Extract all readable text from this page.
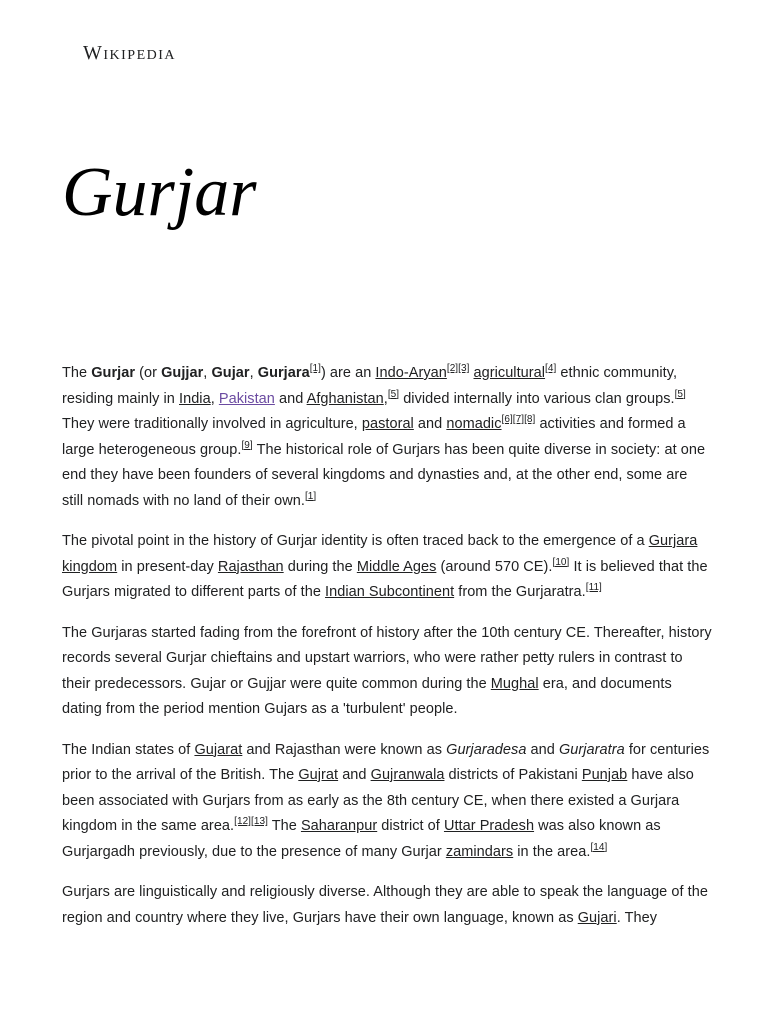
Wikipedia
Gurjar

The Gurjar (or Gujjar, Gujar, Gurjara[1]) are an Indo-Aryan[2][3] agricultural[4] ethnic community, residing mainly in India, Pakistan and Afghanistan,[5] divided internally into various clan groups.[5] They were traditionally involved in agriculture, pastoral and nomadic[6][7][8] activities and formed a large heterogeneous group.[9] The historical role of Gurjars has been quite diverse in society: at one end they have been founders of several kingdoms and dynasties and, at the other end, some are still nomads with no land of their own.[1]

The pivotal point in the history of Gurjar identity is often traced back to the emergence of a Gurjara kingdom in present-day Rajasthan during the Middle Ages (around 570 CE).[10] It is believed that the Gurjars migrated to different parts of the Indian Subcontinent from the Gurjaratra.[11]

The Gurjaras started fading from the forefront of history after the 10th century CE. Thereafter, history records several Gurjar chieftains and upstart warriors, who were rather petty rulers in contrast to their predecessors. Gujar or Gujjar were quite common during the Mughal era, and documents dating from the period mention Gujars as a 'turbulent' people.

The Indian states of Gujarat and Rajasthan were known as Gurjaradesa and Gurjaratra for centuries prior to the arrival of the British. The Gujrat and Gujranwala districts of Pakistani Punjab have also been associated with Gurjars from as early as the 8th century CE, when there existed a Gurjara kingdom in the same area.[12][13] The Saharanpur district of Uttar Pradesh was also known as Gurjargadh previously, due to the presence of many Gurjar zamindars in the area.[14]

Gurjars are linguistically and religiously diverse. Although they are able to speak the language of the region and country where they live, Gurjars have their own language, known as Gujari. They
